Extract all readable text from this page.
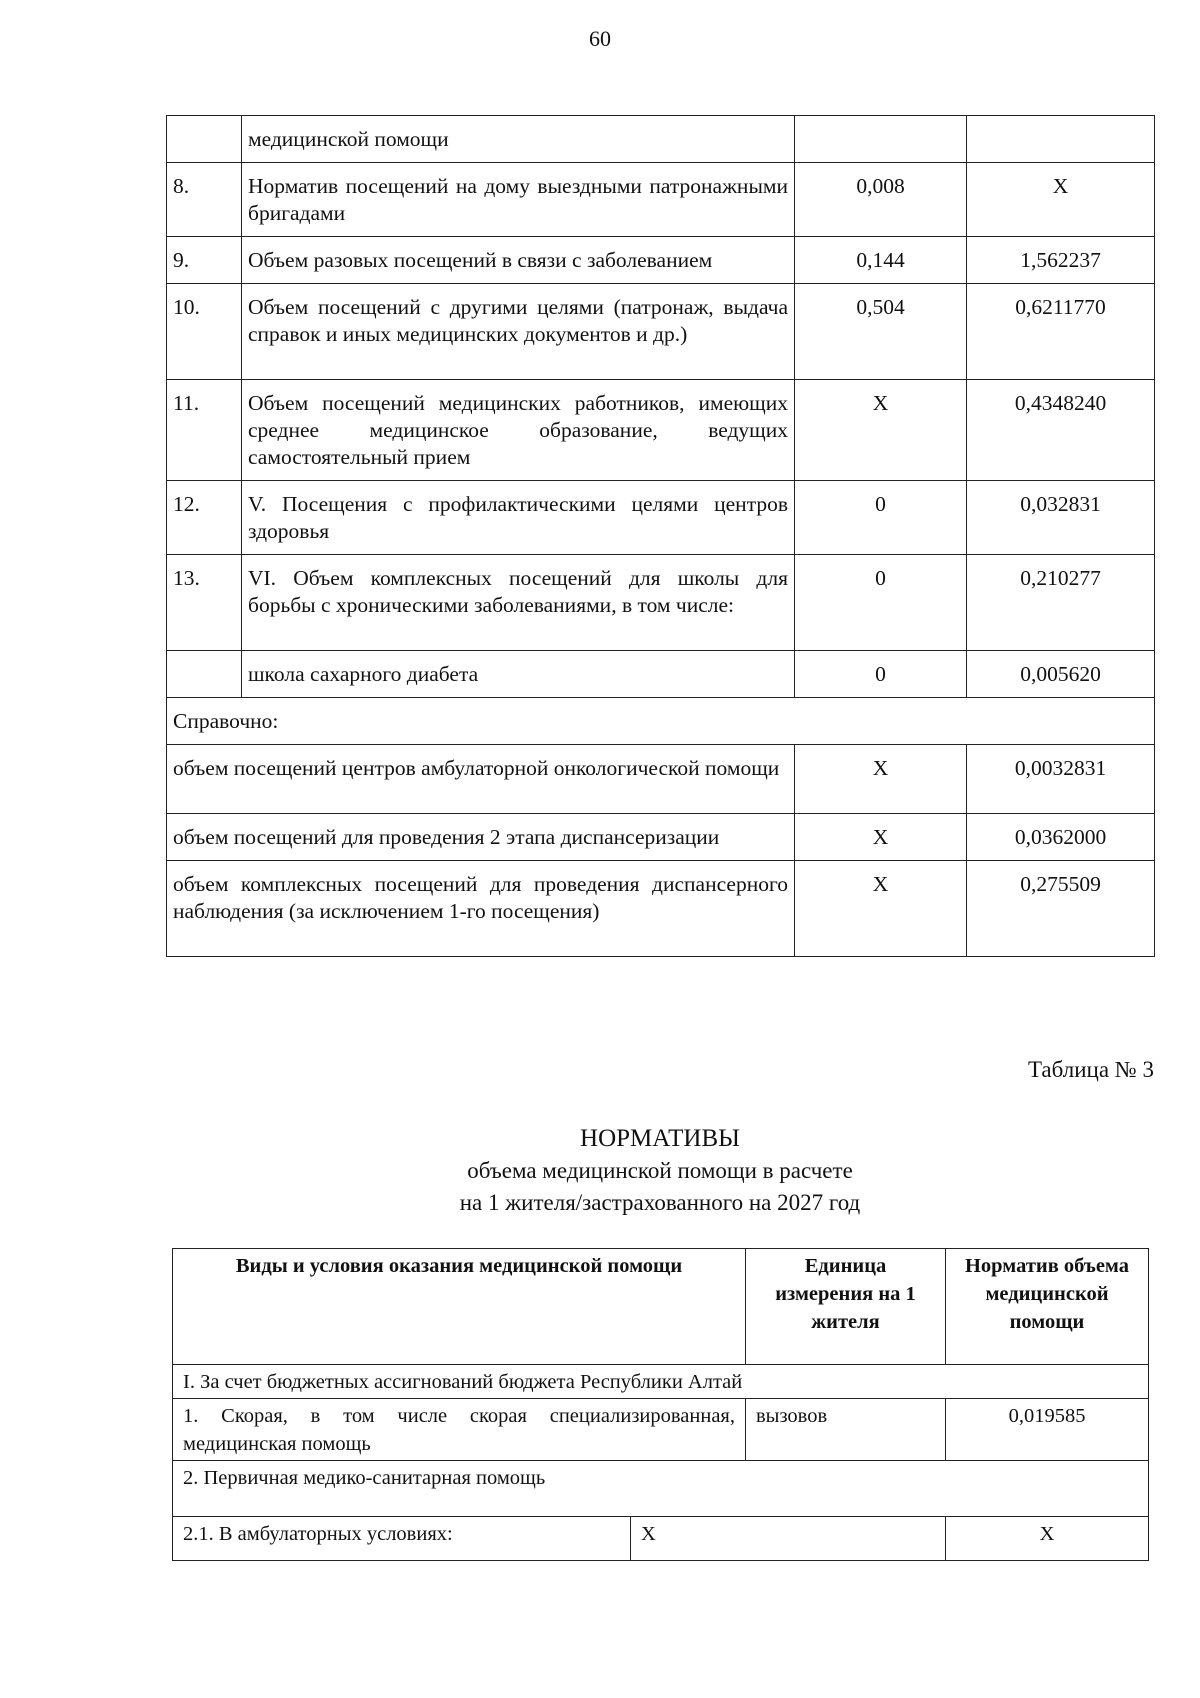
60
	медицинской помощи		
8.	Норматив посещений на дому выездными патронажными бригадами	0,008	Х
9.	Объем разовых посещений в связи с заболеванием	0,144	1,562237
10.	Объем посещений с другими целями (патронаж, выдача справок и иных медицинских документов и др.)	0,504	0,6211770
11.	Объем посещений медицинских работников, имеющих среднее медицинское образование, ведущих самостоятельный прием	Х	0,4348240
12.	V. Посещения с профилактическими целями центров здоровья	0	0,032831
13.	VI. Объем комплексных посещений для школы для борьбы с хроническими заболеваниями, в том числе:	0	0,210277
	школа сахарного диабета	0	0,005620
Справочно:			
объем посещений центров амбулаторной онкологической помощи		Х	0,0032831
объем посещений для проведения 2 этапа диспансеризации		Х	0,0362000
объем комплексных посещений для проведения диспансерного наблюдения (за исключением 1-го посещения)		Х	0,275509
Таблица № 3
НОРМАТИВЫ
объема медицинской помощи в расчете
на 1 жителя/застрахованного на 2027 год
Виды и условия оказания медицинской помощи		Единица измерения на 1 жителя	Норматив объема медицинской помощи
I. За счет бюджетных ассигнований бюджета Республики Алтай			
1. Скорая, в том числе скорая специализированная, медицинская помощь		вызовов	0,019585
2. Первичная медико-санитарная помощь			
2.1. В амбулаторных условиях:	Х		Х
